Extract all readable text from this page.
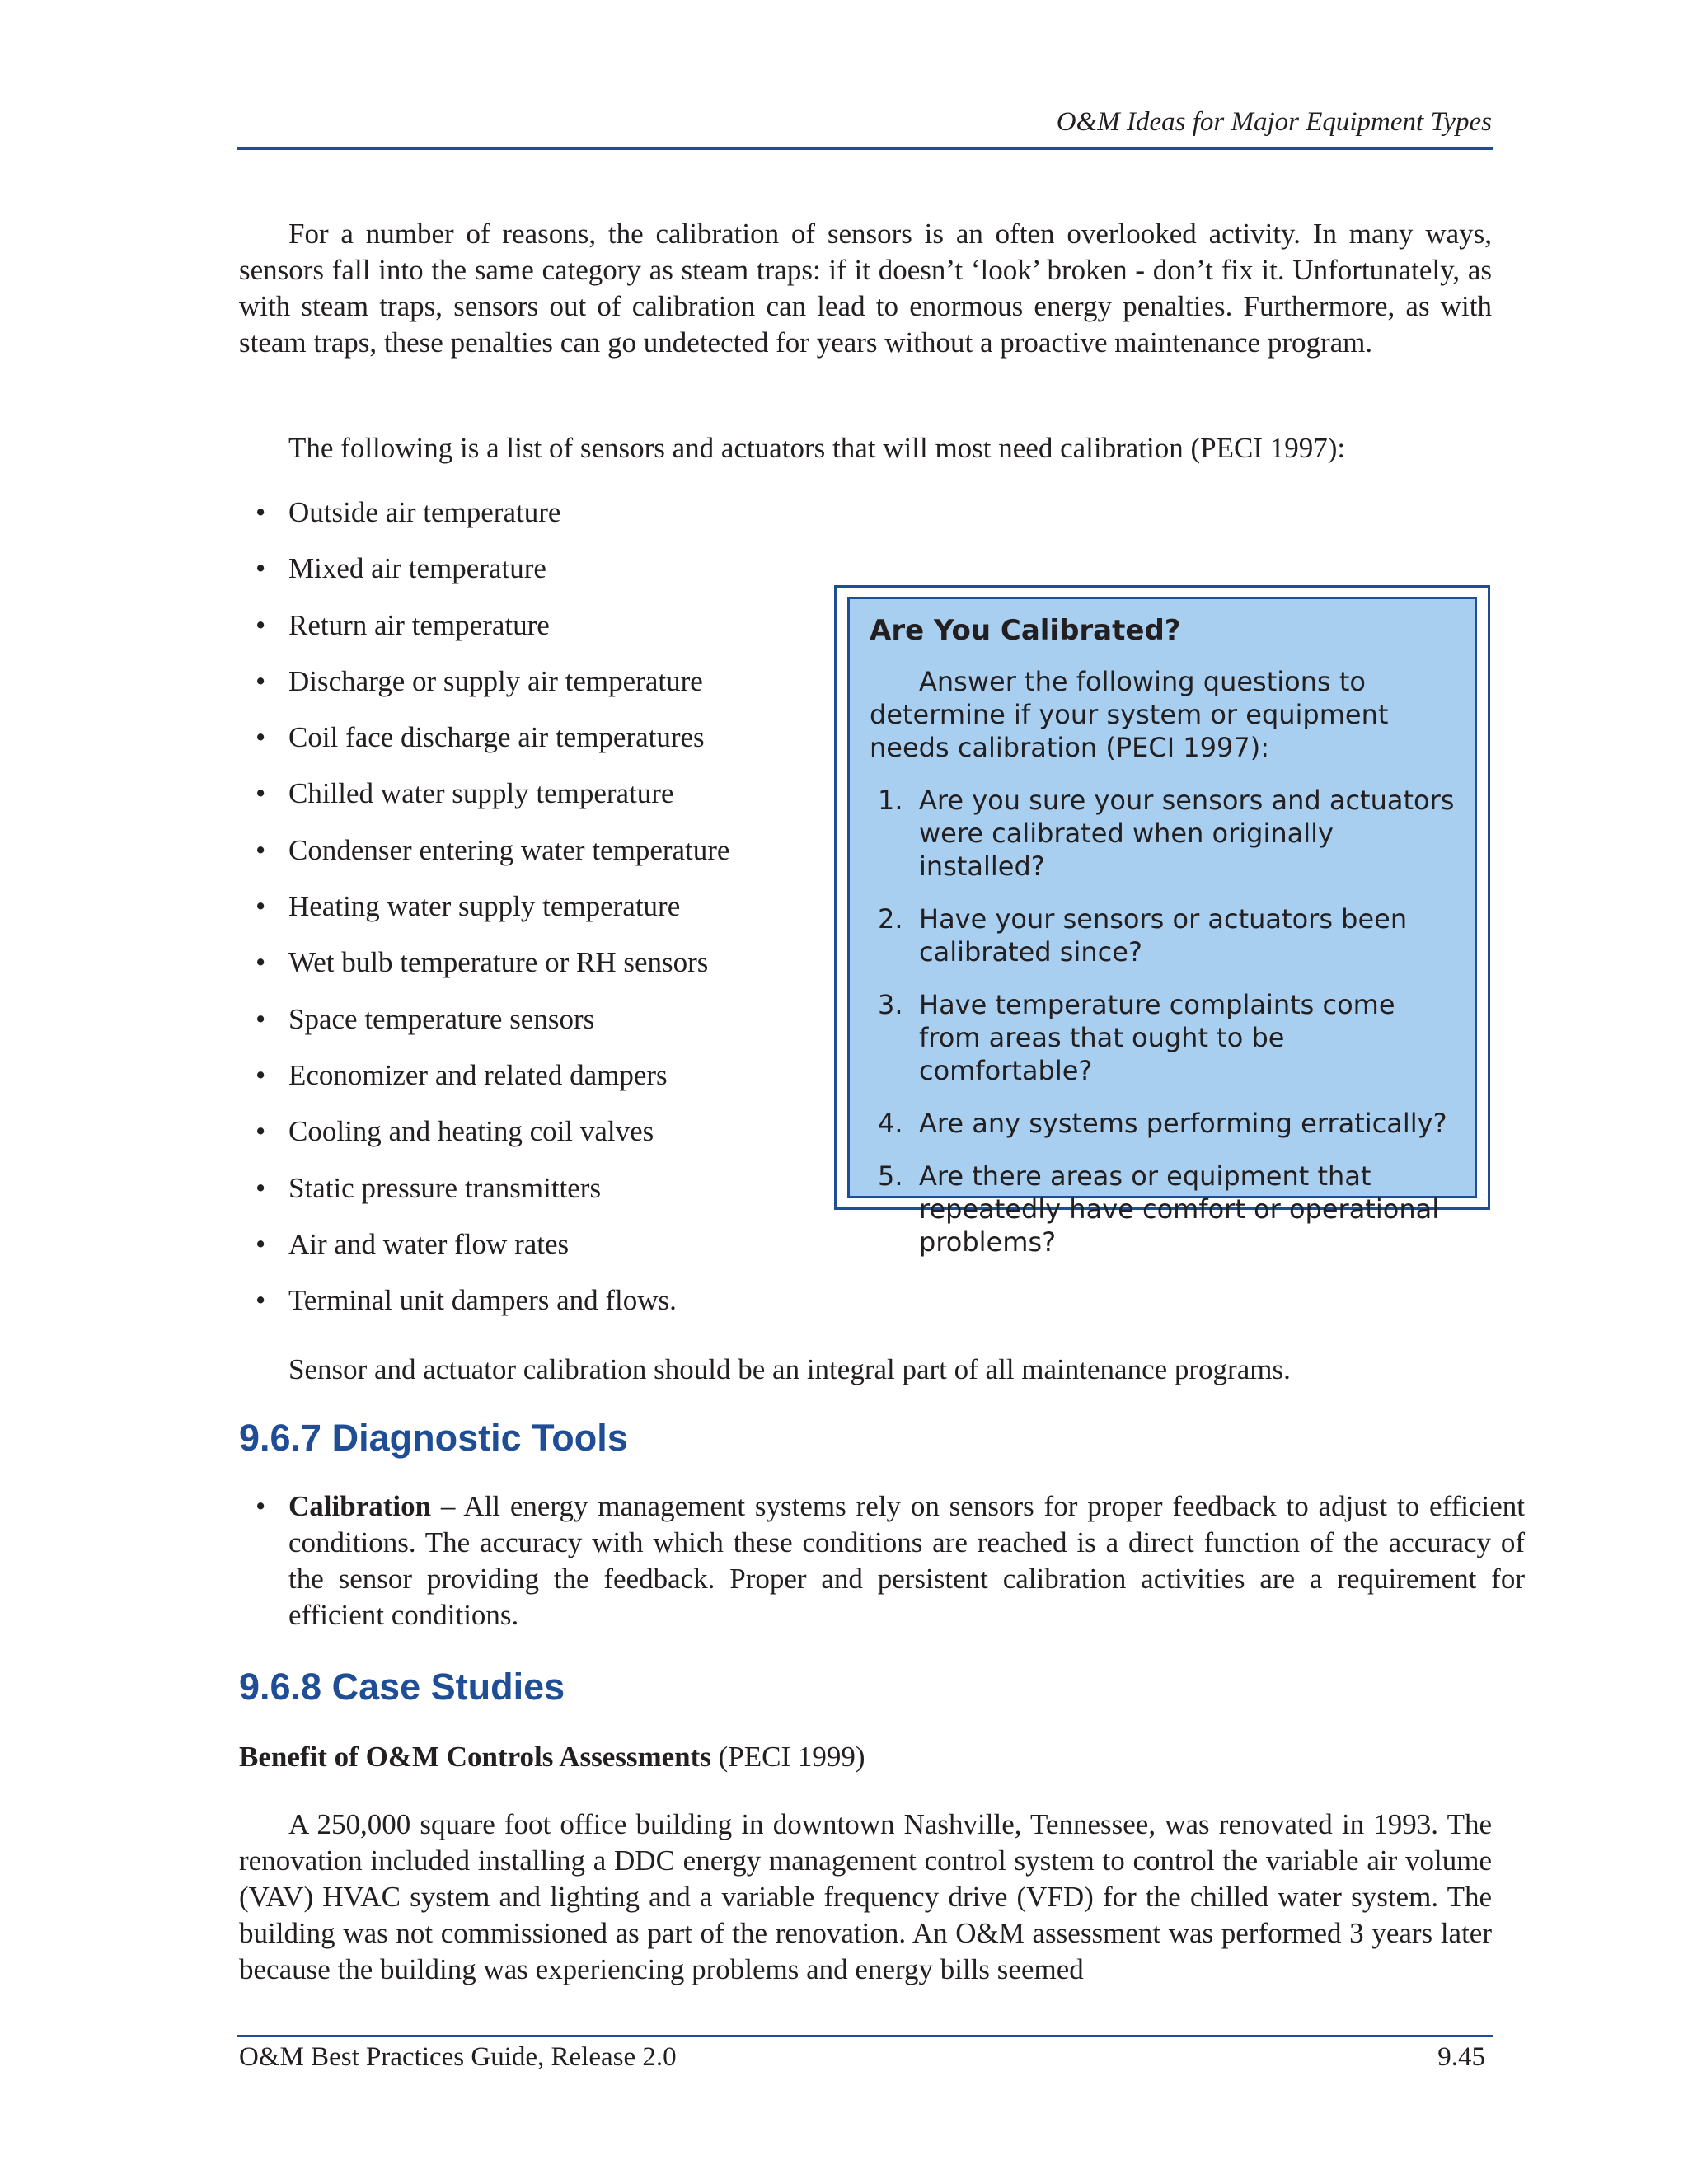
O&M Ideas for Major Equipment Types
For a number of reasons, the calibration of sensors is an often overlooked activity. In many ways, sensors fall into the same category as steam traps: if it doesn’t ‘look’ broken - don’t fix it. Unfortunately, as with steam traps, sensors out of calibration can lead to enormous energy penalties. Furthermore, as with steam traps, these penalties can go undetected for years without a proactive maintenance program.
The following is a list of sensors and actuators that will most need calibration (PECI 1997):
• Outside air temperature
• Mixed air temperature
• Return air temperature
• Discharge or supply air temperature
• Coil face discharge air temperatures
• Chilled water supply temperature
• Condenser entering water temperature
• Heating water supply temperature
• Wet bulb temperature or RH sensors
• Space temperature sensors
• Economizer and related dampers
• Cooling and heating coil valves
• Static pressure transmitters
• Air and water flow rates
• Terminal unit dampers and flows.
Are You Calibrated?
Answer the following questions to determine if your system or equipment needs calibration (PECI 1997):
1. Are you sure your sensors and actuators were calibrated when originally installed?
2. Have your sensors or actuators been calibrated since?
3. Have temperature complaints come from areas that ought to be comfortable?
4. Are any systems performing erratically?
5. Are there areas or equipment that repeatedly have comfort or operational problems?
Sensor and actuator calibration should be an integral part of all maintenance programs.
9.6.7 Diagnostic Tools
• Calibration – All energy management systems rely on sensors for proper feedback to adjust to efficient conditions. The accuracy with which these conditions are reached is a direct function of the accuracy of the sensor providing the feedback. Proper and persistent calibration activities are a requirement for efficient conditions.
9.6.8 Case Studies
Benefit of O&M Controls Assessments (PECI 1999)
A 250,000 square foot office building in downtown Nashville, Tennessee, was renovated in 1993. The renovation included installing a DDC energy management control system to control the variable air volume (VAV) HVAC system and lighting and a variable frequency drive (VFD) for the chilled water system. The building was not commissioned as part of the renovation. An O&M assessment was performed 3 years later because the building was experiencing problems and energy bills seemed
O&M Best Practices Guide, Release 2.0	9.45
